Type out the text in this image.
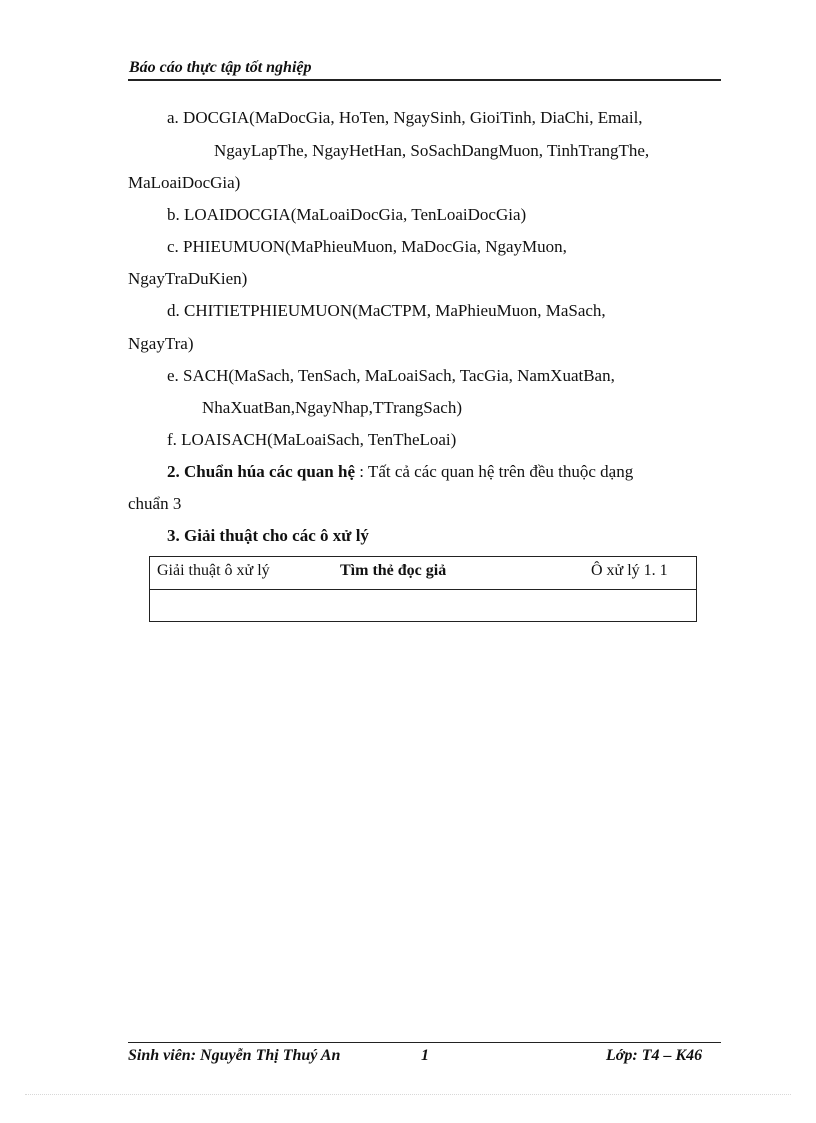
Báo cáo thực tập tốt nghiệp
a. DOCGIA(MaDocGia, HoTen, NgaySinh, GioiTinh, DiaChi, Email,
NgayLapThe, NgayHetHan, SoSachDangMuon, TinhTrangThe,
MaLoaiDocGia)
b. LOAIDOCGIA(MaLoaiDocGia, TenLoaiDocGia)
c. PHIEUMUON(MaPhieuMuon, MaDocGia, NgayMuon,
NgayTraDuKien)
d. CHITIETPHIEUMUON(MaCTPM, MaPhieuMuon, MaSach,
NgayTra)
e. SACH(MaSach, TenSach, MaLoaiSach, TacGia, NamXuatBan,
NhaXuatBan,NgayNhap,TTrangSach)
f. LOAISACH(MaLoaiSach, TenTheLoai)
2. Chuẩn húa các quan hệ : Tất cả các quan hệ trên đều thuộc dạng
chuẩn 3
3. Giải thuật cho các ô xử lý
Giải thuật ô xử lý	Tìm thẻ đọc giả	Ô xử lý 1. 1
Sinh viên: Nguyễn Thị Thuý An	1	Lớp: T4 – K46
